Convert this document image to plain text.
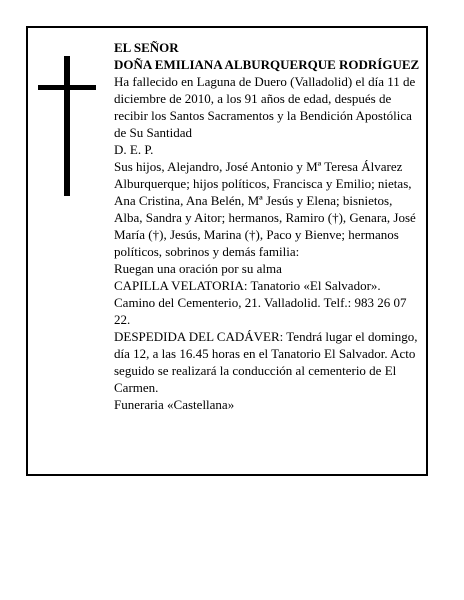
EL SEÑOR

DOÑA EMILIANA ALBURQUERQUE RODRÍGUEZ

Ha fallecido en Laguna de Duero (Valladolid) el día 11 de diciembre de 2010, a los 91 años de edad, después de recibir los Santos Sacramentos y la Bendición Apostólica de Su Santidad

D. E. P.

Sus hijos, Alejandro, José Antonio y Mª Teresa Álvarez Alburquerque; hijos políticos, Francisca y Emilio; nietas, Ana Cristina, Ana Belén, Mª Jesús y Elena; bisnietos, Alba, Sandra y Aitor; hermanos, Ramiro (†), Genara, José María (†), Jesús, Marina (†), Paco y Bienve; hermanos políticos, sobrinos y demás familia:

Ruegan una oración por su alma

CAPILLA VELATORIA: Tanatorio «El Salvador». Camino del Cementerio, 21. Valladolid. Telf.: 983 26 07 22.

DESPEDIDA DEL CADÁVER: Tendrá lugar el domingo, día 12, a las 16.45 horas en el Tanatorio El Salvador. Acto seguido se realizará la conducción al cementerio de El Carmen.

Funeraria «Castellana»
